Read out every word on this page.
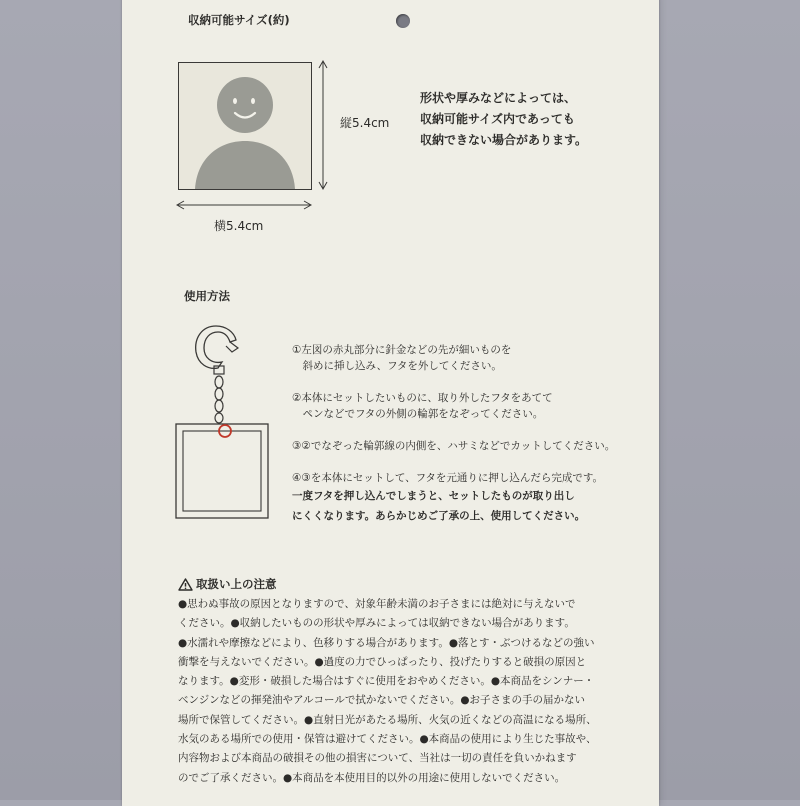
収納可能サイズ(約)
縦5.4cm
横5.4cm
形状や厚みなどによっては、
収納可能サイズ内であっても
収納できない場合があります。
使用方法
①左図の赤丸部分に針金などの先が細いものを
　斜めに挿し込み、フタを外してください。
②本体にセットしたいものに、取り外したフタをあてて
　ペンなどでフタの外側の輪郭をなぞってください。
③②でなぞった輪郭線の内側を、ハサミなどでカットしてください。
④③を本体にセットして、フタを元通りに押し込んだら完成です。
一度フタを押し込んでしまうと、セットしたものが取り出し
にくくなります。あらかじめご了承の上、使用してください。
取扱い上の注意
●思わぬ事故の原因となりますので、対象年齢未満のお子さまには絶対に与えないで
ください。●収納したいものの形状や厚みによっては収納できない場合があります。
●水濡れや摩擦などにより、色移りする場合があります。●落とす・ぶつけるなどの強い
衝撃を与えないでください。●過度の力でひっぱったり、投げたりすると破損の原因と
なります。●変形・破損した場合はすぐに使用をおやめください。●本商品をシンナー・
ベンジンなどの揮発油やアルコールで拭かないでください。●お子さまの手の届かない
場所で保管してください。●直射日光があたる場所、火気の近くなどの高温になる場所、
水気のある場所での使用・保管は避けてください。●本商品の使用により生じた事故や、
内容物および本商品の破損その他の損害について、当社は一切の責任を負いかねます
のでご了承ください。●本商品を本使用目的以外の用途に使用しないでください。
